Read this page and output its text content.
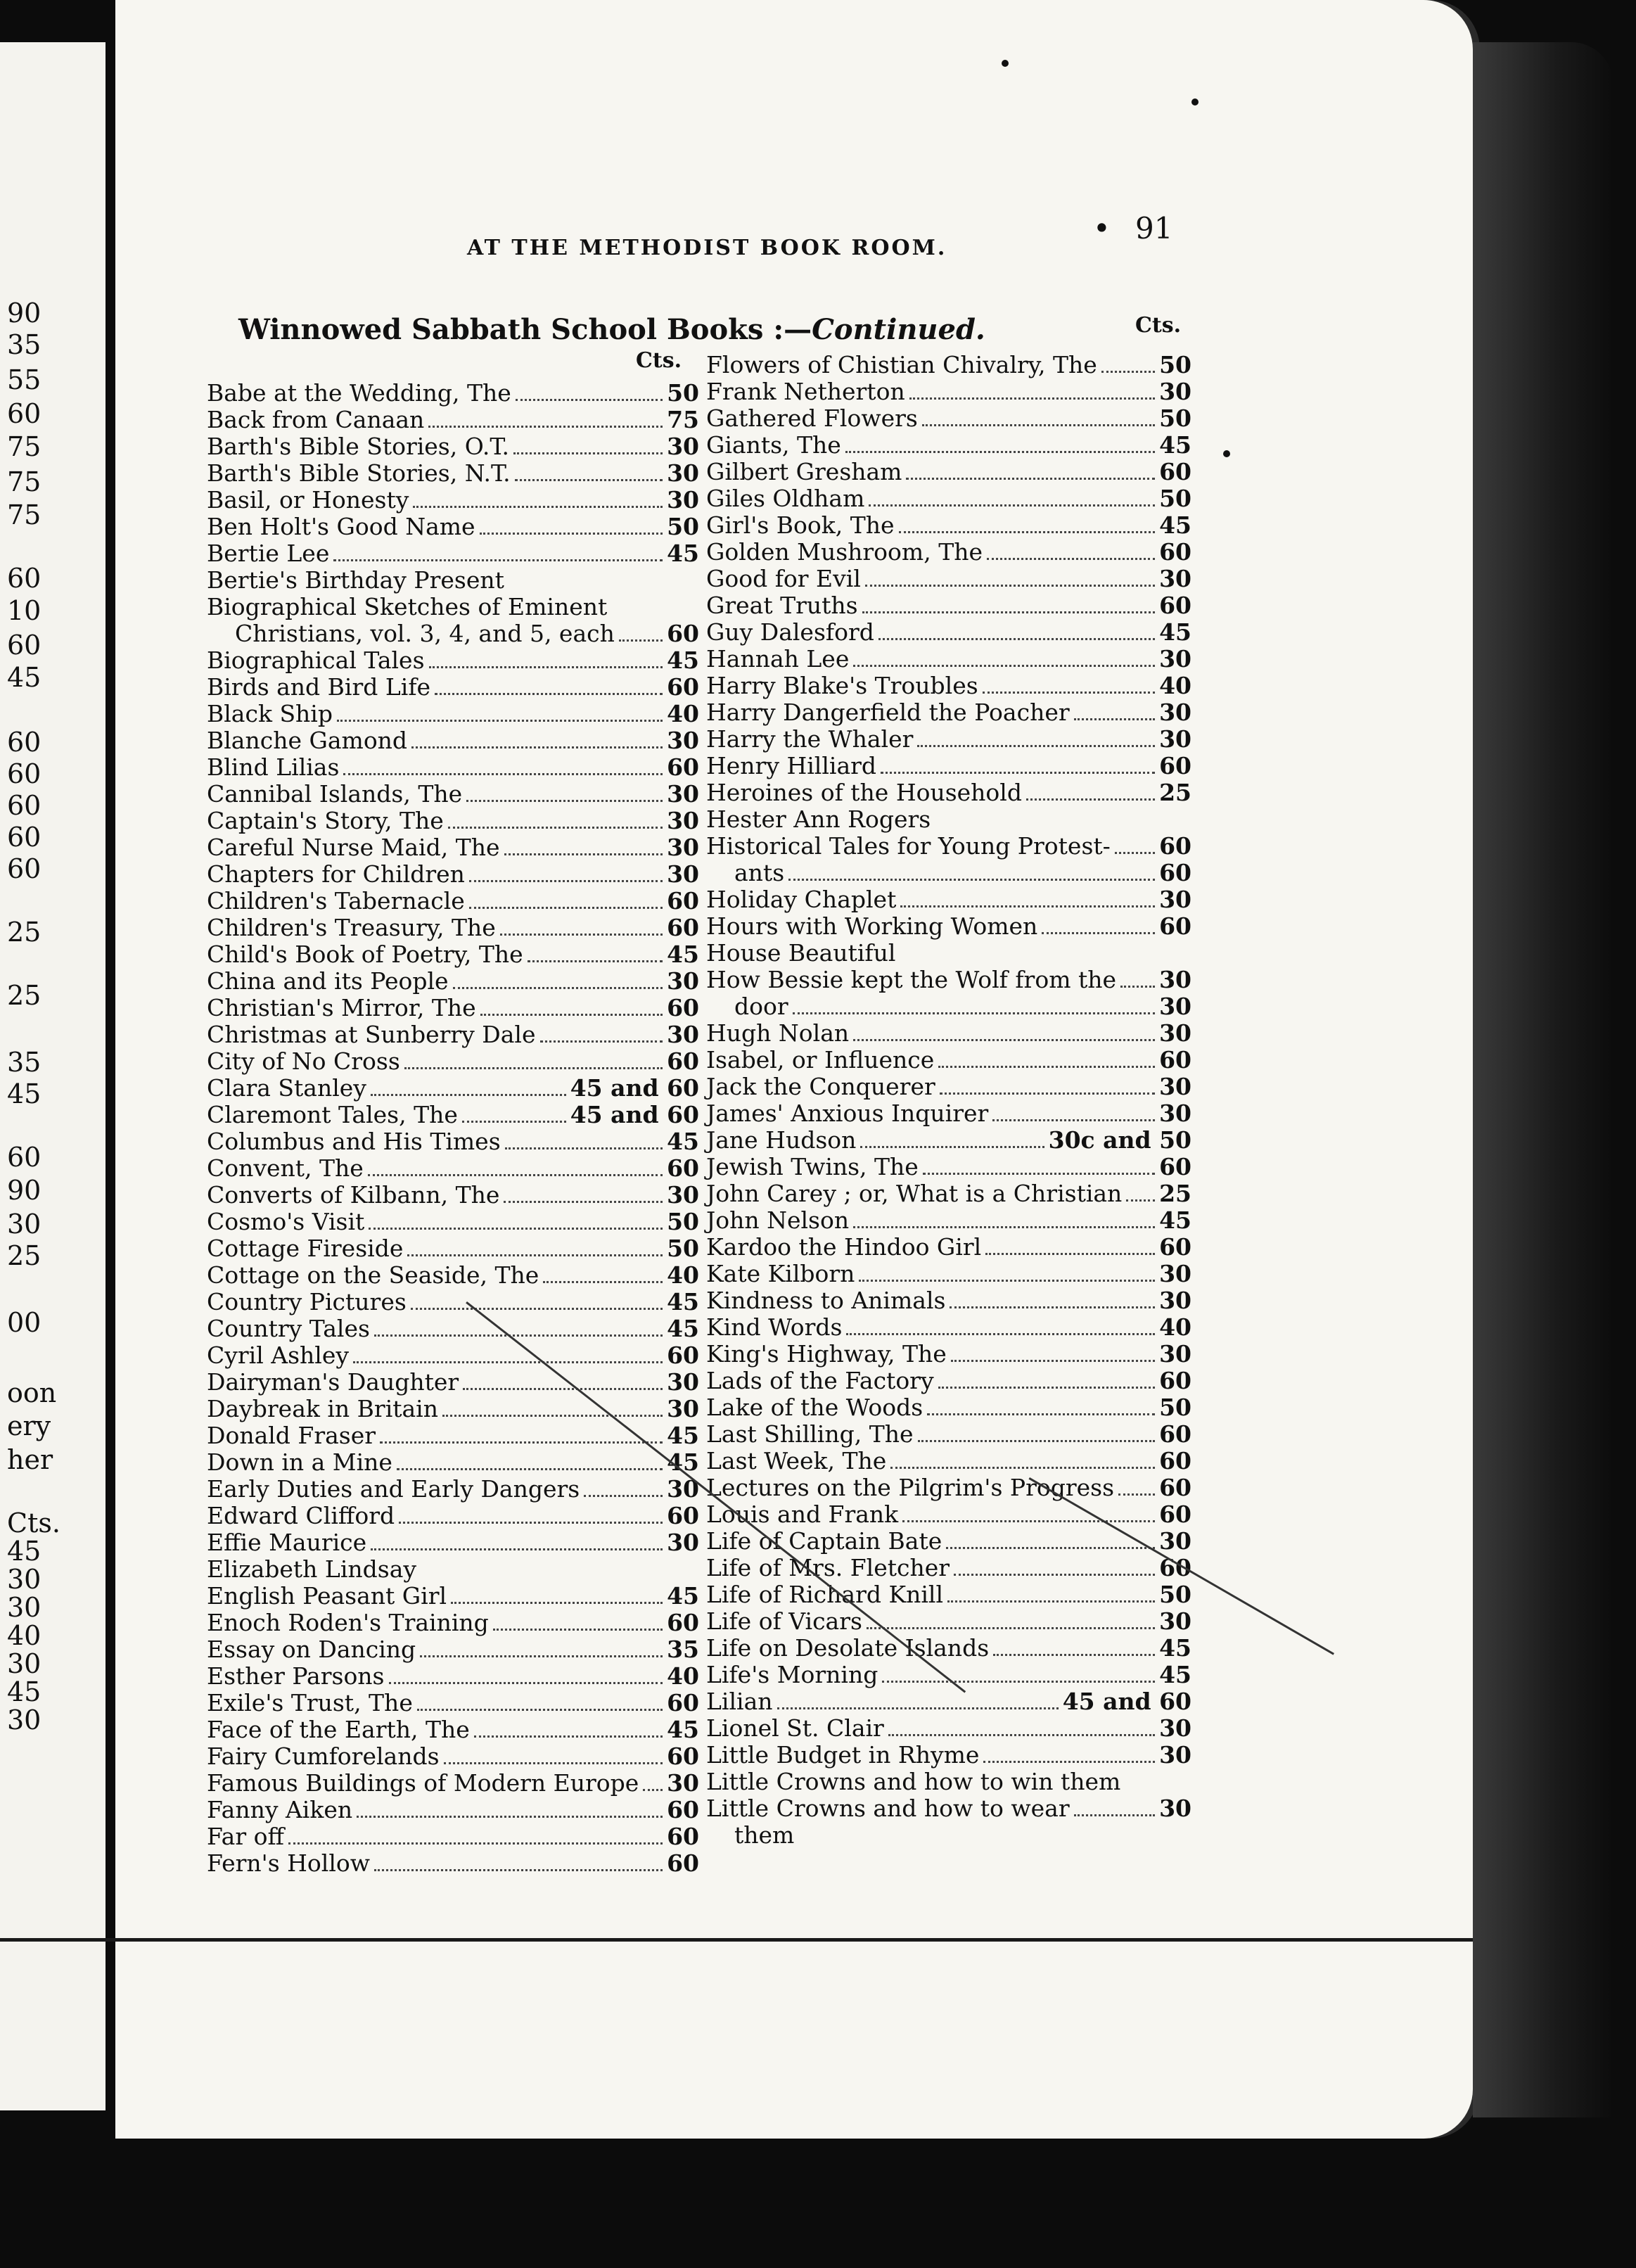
90
35
55
60
75
75
75
60
10
60
45
60
60
60
60
60
25
25
35
45
60
90
30
25
00
oon
ery
her
Cts.
45
30
30
40
30
45
30
AT THE METHODIST BOOK ROOM.
• 91
Winnowed Sabbath School Books :—Continued.
Cts.
Cts.
Babe at the Wedding, The	50
Back from Canaan	75
Barth's Bible Stories, O.T.	30
Barth's Bible Stories, N.T.	30
Basil, or Honesty	30
Ben Holt's Good Name	50
Bertie Lee	45
Bertie's Birthday Present
Biographical Sketches of Eminent
Christians, vol. 3, 4, and 5, each 60
Biographical Tales	45
Birds and Bird Life	60
Black Ship	40
Blanche Gamond	30
Blind Lilias	60
Cannibal Islands, The	30
Captain's Story, The	30
Careful Nurse Maid, The	30
Chapters for Children	30
Children's Tabernacle	60
Children's Treasury, The	60
Child's Book of Poetry, The	45
China and its People	30
Christian's Mirror, The	60
Christmas at Sunberry Dale	30
City of No Cross	60
Clara Stanley	45 and 60
Claremont Tales, The	45 and 60
Columbus and His Times	45
Convent, The	60
Converts of Kilbann, The	30
Cosmo's Visit	50
Cottage Fireside	50
Cottage on the Seaside, The	40
Country Pictures	45
Country Tales	45
Cyril Ashley	60
Dairyman's Daughter	30
Daybreak in Britain	30
Donald Fraser	45
Down in a Mine	45
Early Duties and Early Dangers	30
Edward Clifford	60
Effie Maurice	30
Elizabeth Lindsay
English Peasant Girl	45
Enoch Roden's Training	60
Essay on Dancing	35
Esther Parsons	40
Exile's Trust, The	60
Face of the Earth, The	45
Fairy Cumforelands	60
Famous Buildings of Modern Europe 30
Fanny Aiken	60
Far off	60
Fern's Hollow	60
Flowers of Chistian Chivalry, The	50
Frank Netherton	30
Gathered Flowers	50
Giants, The	45
Gilbert Gresham	60
Giles Oldham	50
Girl's Book, The	45
Golden Mushroom, The	60
Good for Evil	30
Great Truths	60
Guy Dalesford	45
Hannah Lee	30
Harry Blake's Troubles	40
Harry Dangerfield the Poacher	30
Harry the Whaler	30
Henry Hilliard	60
Heroines of the Household	25
Hester Ann Rogers
Historical Tales for Young Protest- 60
ants	60
Holiday Chaplet	30
Hours with Working Women	60
House Beautiful
How Bessie kept the Wolf from the 30
door	30
Hugh Nolan	30
Isabel, or Influence	60
Jack the Conquerer	30
James' Anxious Inquirer	30
Jane Hudson	30c and 50
Jewish Twins, The	60
John Carey ; or, What is a Christian 25
John Nelson	45
Kardoo the Hindoo Girl	60
Kate Kilborn	30
Kindness to Animals	30
Kind Words	40
King's Highway, The	30
Lads of the Factory	60
Lake of the Woods	50
Last Shilling, The	60
Last Week, The	60
Lectures on the Pilgrim's Progress 60
Louis and Frank	60
Life of Captain Bate	30
Life of Mrs. Fletcher	60
Life of Richard Knill	50
Life of Vicars	30
Life on Desolate Islands	45
Life's Morning	45
Lilian	45 and 60
Lionel St. Clair	30
Little Budget in Rhyme	30
Little Crowns and how to win them
Little Crowns and how to wear	30
them
